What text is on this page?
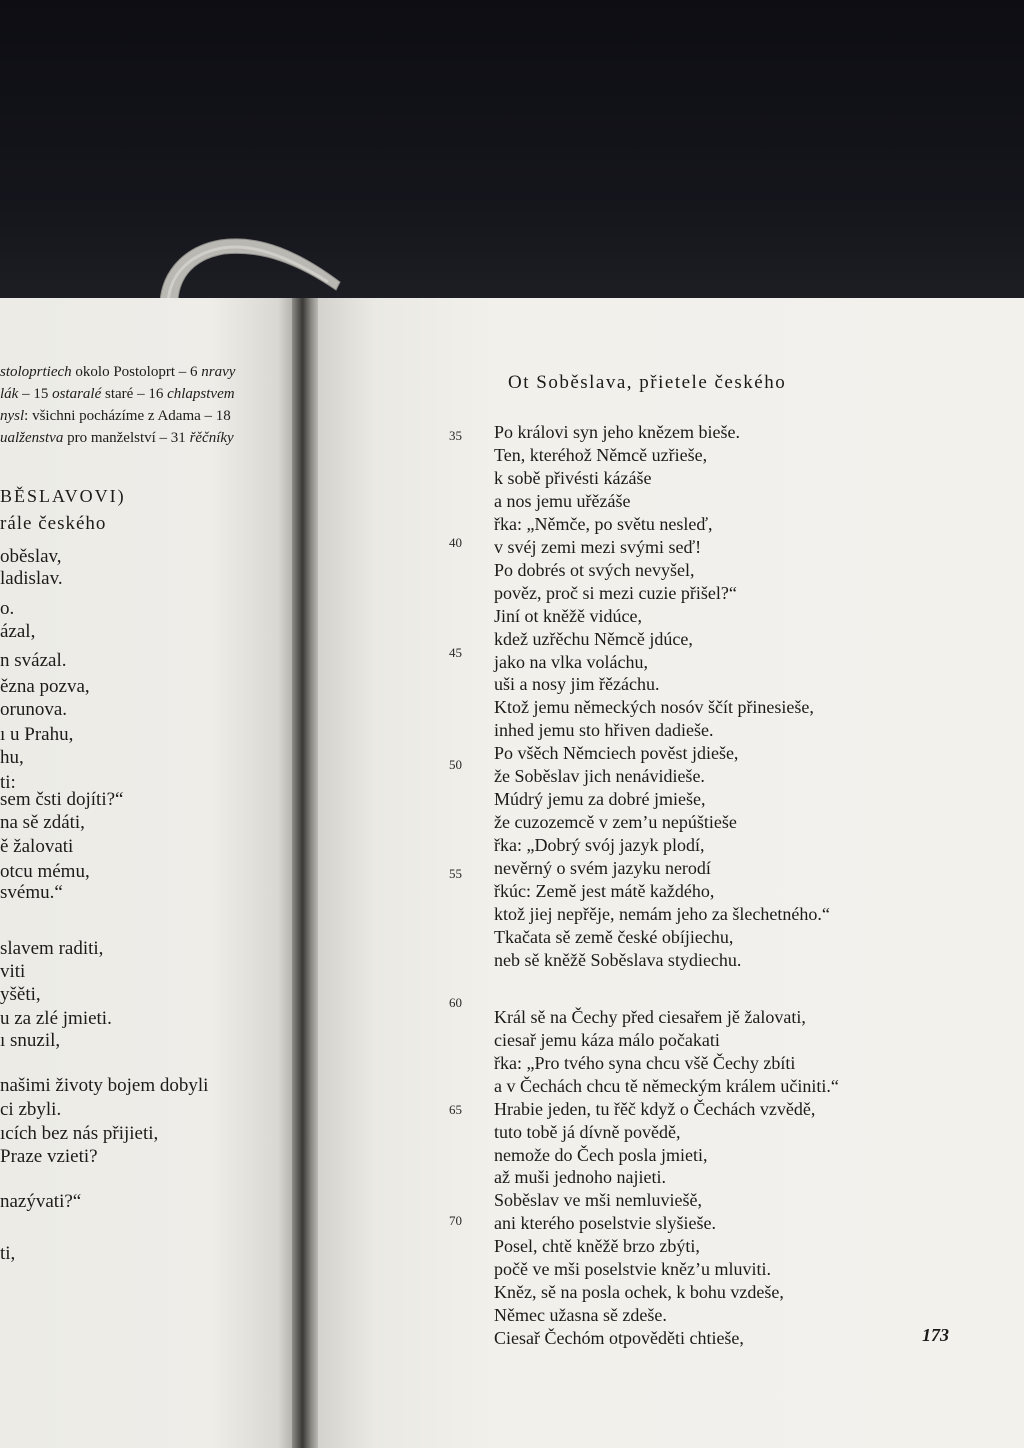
stoloprtiech okolo Postoloprt – 6 nravy
lák – 15 ostaralé staré – 16 chlapstvem
nysl: všichni pocházíme z Adama – 18
ualženstva pro manželství – 31 řěčníky
BĚSLAVOVI)
rále českého
oběslav,
ladislav.
o.
ázal,
n svázal.
ězna pozva,
orunova.
ı u Prahu,
hu,
ti:
sem čsti dojíti?“
na sě zdáti,
ě žalovati
otcu mému,
svému.“
slavem raditi,
viti
yšěti,
u za zlé jmieti.
ı snuzil,
našimi životy bojem dobyli
ci zbyli.
ıcích bez nás přijieti,
Praze vzieti?
nazývati?“
ti,
Ot Soběslava, přietele českého
Po královi syn jeho knězem bieše.
Ten, kteréhož Němcě uzřieše,
k sobě přivésti kázáše
a nos jemu uřězáše
řka: „Němče, po světu nesleď,
v svéj zemi mezi svými seď!
Po dobrés ot svých nevyšel,
pověz, proč si mezi cuzie přišel?“
Jiní ot kněžě vidúce,
kdež uzřěchu Němcě jdúce,
jako na vlka voláchu,
uši a nosy jim řězáchu.
Ktož jemu německých nosóv ščít přinesieše,
inhed jemu sto hřiven dadieše.
Po všěch Němciech pověst jdieše,
že Soběslav jich nenávidieše.
Múdrý jemu za dobré jmieše,
že cuzozemcě v zem’u nepúštieše
řka: „Dobrý svój jazyk plodí,
nevěrný o svém jazyku nerodí
řkúc: Země jest mátě každého,
ktož jiej nepřěje, nemám jeho za šlechetného.“
Tkačata sě země české obíjiechu,
neb sě kněžě Soběslava stydiechu.
Král sě na Čechy před ciesařem jě žalovati,
ciesař jemu káza málo počakati
řka: „Pro tvého syna chcu všě Čechy zbíti
a v Čechách chcu tě německým králem učiniti.“
Hrabie jeden, tu řěč když o Čechách vzvědě,
tuto tobě já dívně povědě,
nemože do Čech posla jmieti,
až muši jednoho najieti.
Soběslav ve mši nemluviešě,
ani kterého poselstvie slyšieše.
Posel, chtě kněžě brzo zbýti,
počě ve mši poselstvie kněz’u mluviti.
Kněz, sě na posla ochek, k bohu vzdeše,
Němec užasna sě zdeše.
Ciesař Čechóm otpověděti chtieše,
35
40
45
50
55
60
65
70
173
